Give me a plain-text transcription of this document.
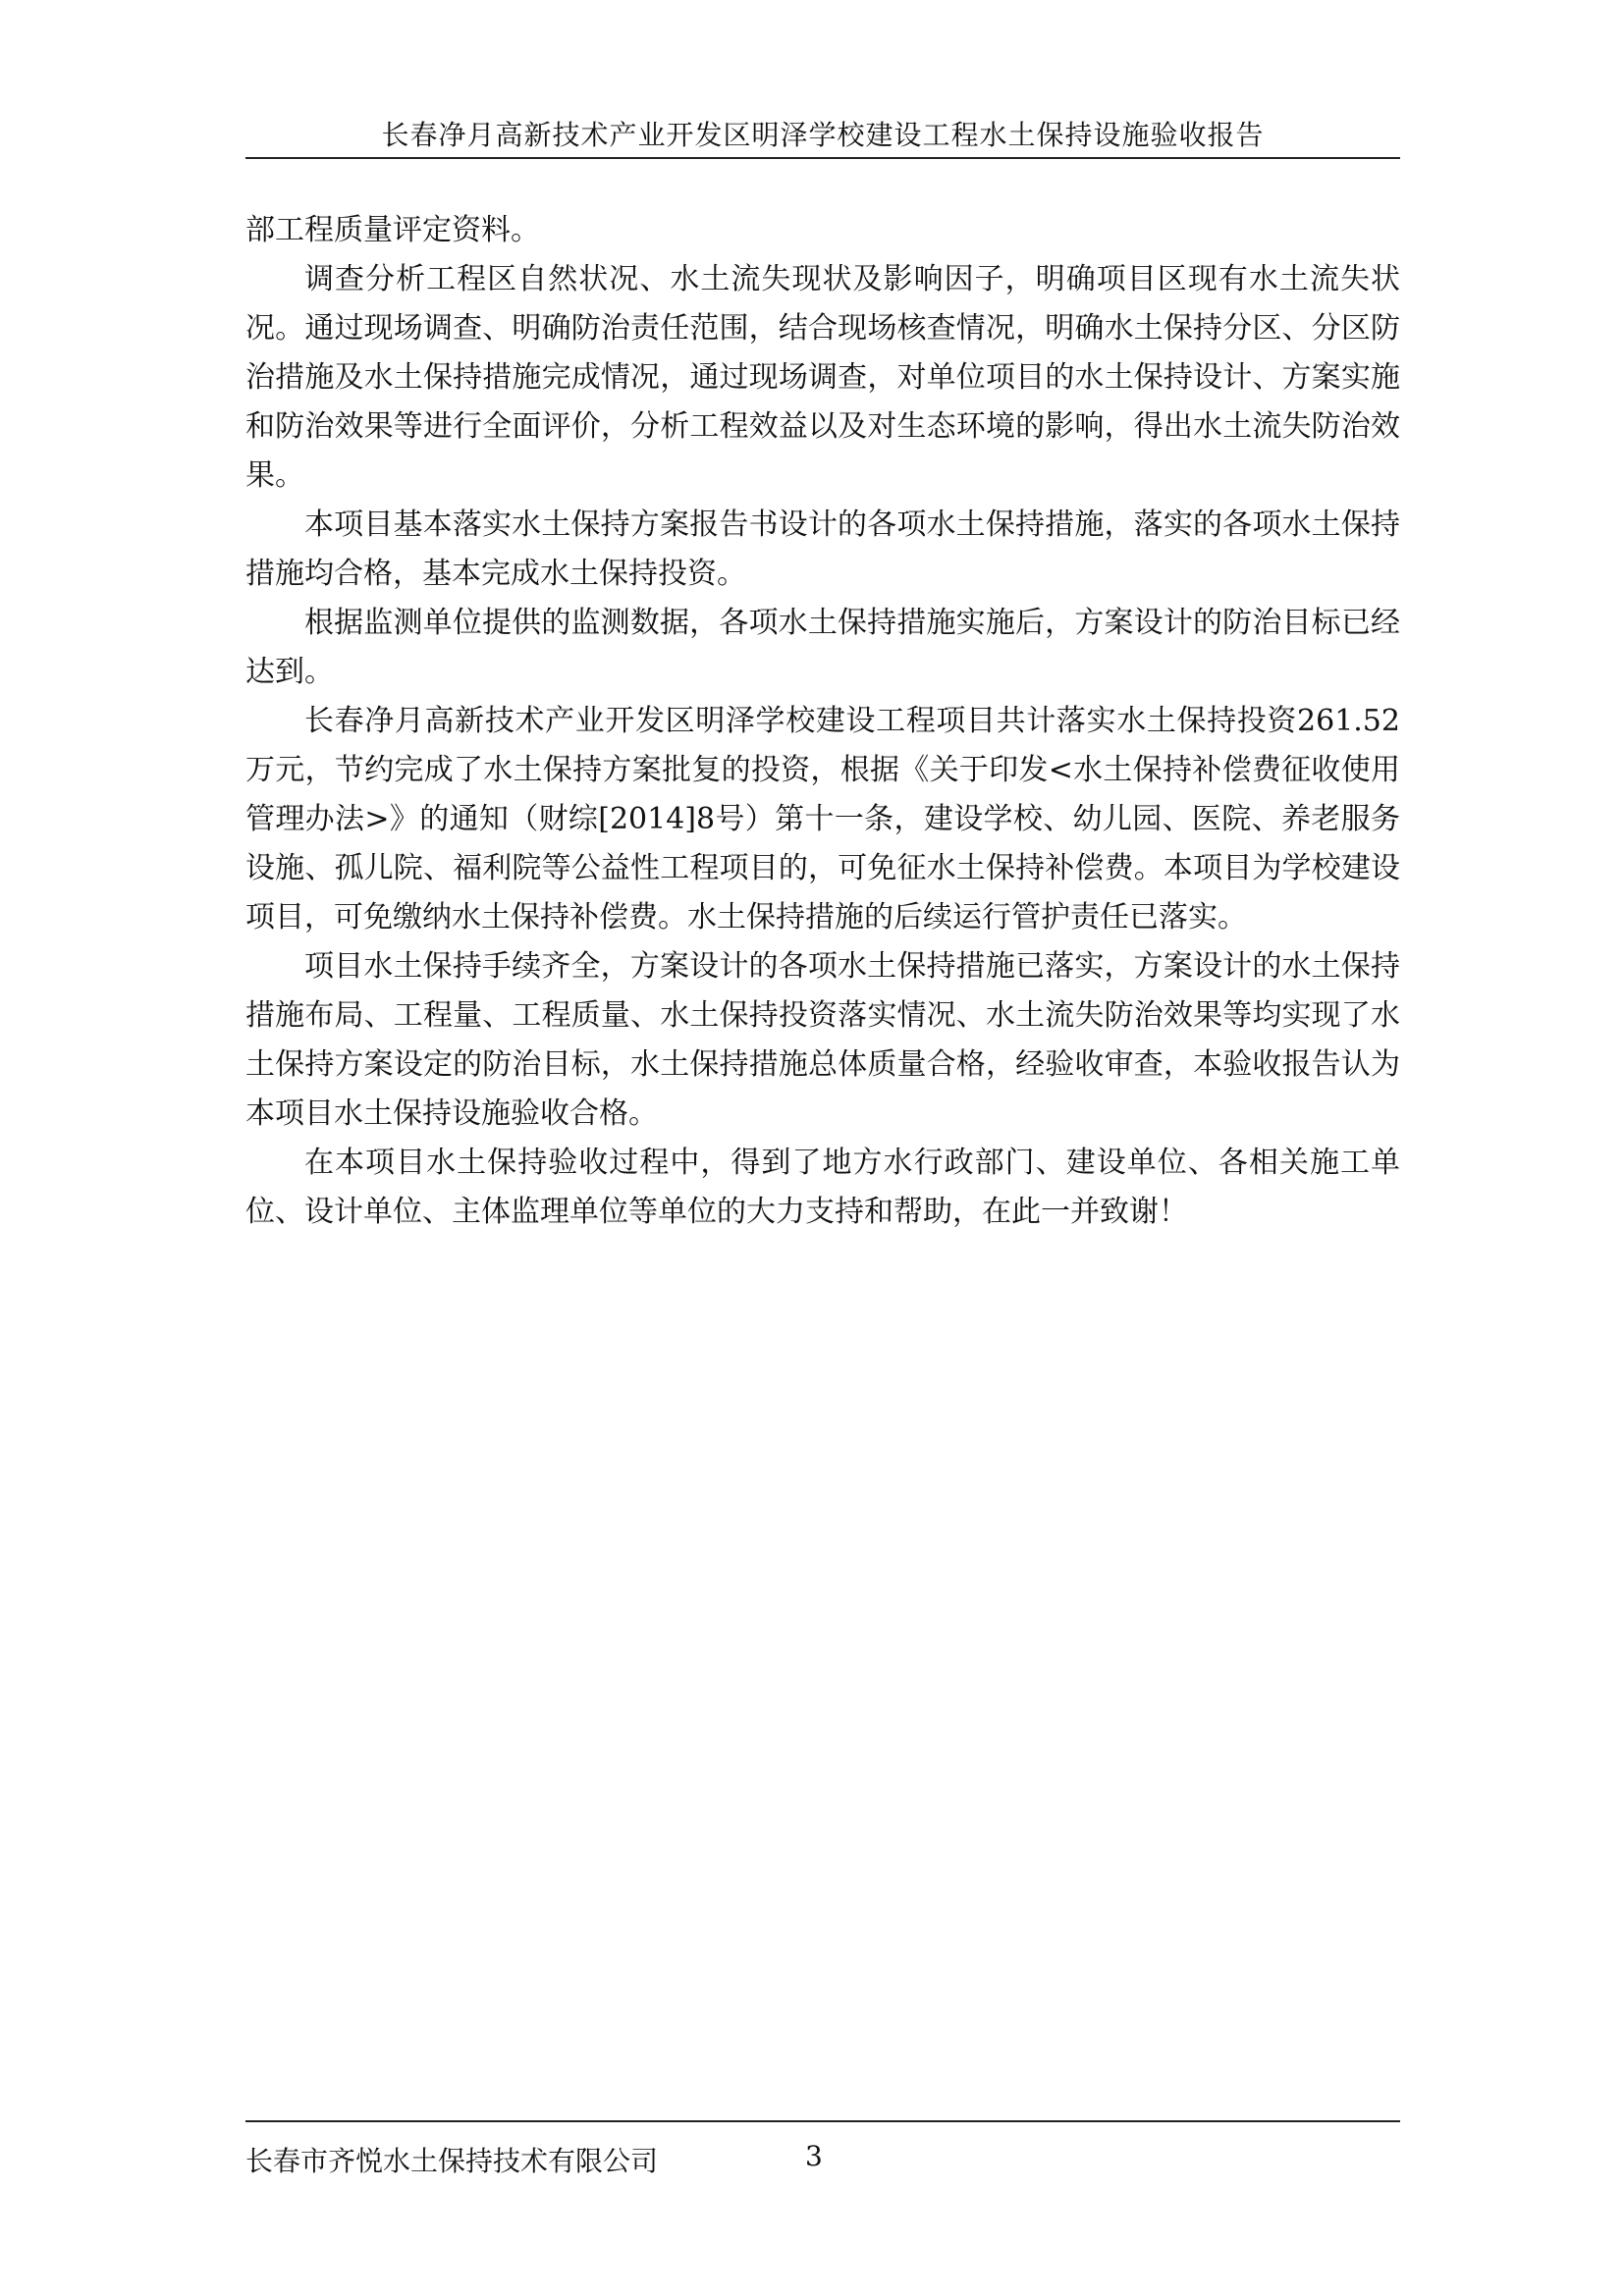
长春净月高新技术产业开发区明泽学校建设工程水土保持设施验收报告

部工程质量评定资料。

调查分析工程区自然状况、水土流失现状及影响因子，明确项目区现有水土流失状况。通过现场调查、明确防治责任范围，结合现场核查情况，明确水土保持分区、分区防治措施及水土保持措施完成情况，通过现场调查，对单位项目的水土保持设计、方案实施和防治效果等进行全面评价，分析工程效益以及对生态环境的影响，得出水土流失防治效果。

本项目基本落实水土保持方案报告书设计的各项水土保持措施，落实的各项水土保持措施均合格，基本完成水土保持投资。

根据监测单位提供的监测数据，各项水土保持措施实施后，方案设计的防治目标已经达到。

长春净月高新技术产业开发区明泽学校建设工程项目共计落实水土保持投资261.52万元，节约完成了水土保持方案批复的投资，根据《关于印发<水土保持补偿费征收使用管理办法>》的通知（财综[2014]8号）第十一条，建设学校、幼儿园、医院、养老服务设施、孤儿院、福利院等公益性工程项目的，可免征水土保持补偿费。本项目为学校建设项目，可免缴纳水土保持补偿费。水土保持措施的后续运行管护责任已落实。

项目水土保持手续齐全，方案设计的各项水土保持措施已落实，方案设计的水土保持措施布局、工程量、工程质量、水土保持投资落实情况、水土流失防治效果等均实现了水土保持方案设定的防治目标，水土保持措施总体质量合格，经验收审查，本验收报告认为本项目水土保持设施验收合格。

在本项目水土保持验收过程中，得到了地方水行政部门、建设单位、各相关施工单位、设计单位、主体监理单位等单位的大力支持和帮助，在此一并致谢！

长春市齐悦水土保持技术有限公司	3
